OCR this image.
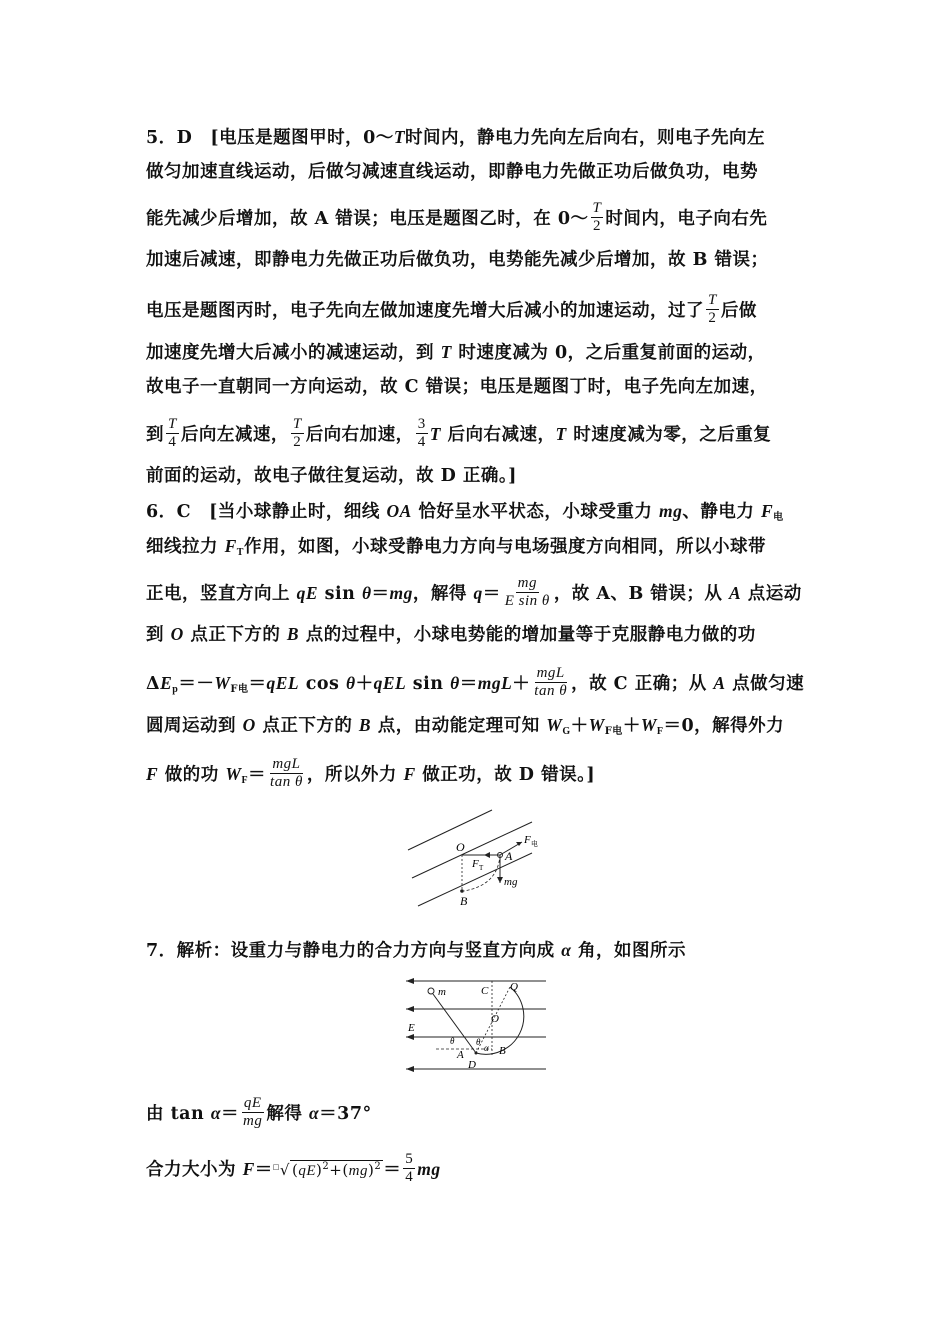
5．D　[电压是题图甲时，0～T时间内，静电力先向左后向右，则电子先向左
做匀加速直线运动，后做匀减速直线运动，即静电力先做正功后做负功，电势
能先减少后增加，故 A 错误；电压是题图乙时，在 0～ $\frac{T}{2}$ 时间内，电子向右先
加速后减速，即静电力先做正功后做负功，电势能先减少后增加，故 B 错误；
电压是题图丙时，电子先向左做加速度先增大后减小的加速运动，过了 $\frac{T}{2}$ 后做
加速度先增大后减小的减速运动，到 T 时速度减为 0，之后重复前面的运动，
故电子一直朝同一方向运动，故 C 错误；电压是题图丁时，电子先向左加速，
到 $\frac{T}{4}$ 后向左减速， $\frac{T}{2}$ 后向右加速， $\frac{3}{4}$ T 后向右减速，T 时速度减为零，之后重复
前面的运动，故电子做往复运动，故 D 正确。]
6．C　[当小球静止时，细线 OA 恰好呈水平状态，小球受重力 mg、静电力 $F_电$
细线拉力 $F_T$作用，如图，小球受静电力方向与电场强度方向相同，所以小球带
正电，竖直方向上 qE sin θ＝mg，解得 $q= \frac{mg}{\text{E sin θ}}$ ，故 A、B 错误；从 A 点运动
到 O 点正下方的 B 点的过程中，小球电势能的增加量等于克服静电力做的功
$\Delta E_p=-W_{F电}=qEL$ cos θ＋qEL $\sin \theta=mgL+ \frac{\text{mgL}}{\text{tan θ}}$ ，故 C 正确；从 A 点做匀速
圆周运动到 O 点正下方的 B 点，由动能定理可知 $W_G+W_{F电}+W_F=0$，解得外力
F 做的功 $W_F= \frac{\text{mgL}}{\text{tan θ}}$ ，所以外力 F 做正功，故 D 错误。]
O
A
B
F T
F 电
mg
7．解析：设重力与静电力的合力方向与竖直方向成 α 角，如图所示
m	C Q
O
E
A	B
D
θ θ
α
由 $\tan \alpha= \frac{qE}{mg}$ 解得 α＝37°
合力大小为 F＝□√ $(qE)^2+(mg)^2 = \frac{5}{4}$ mg
